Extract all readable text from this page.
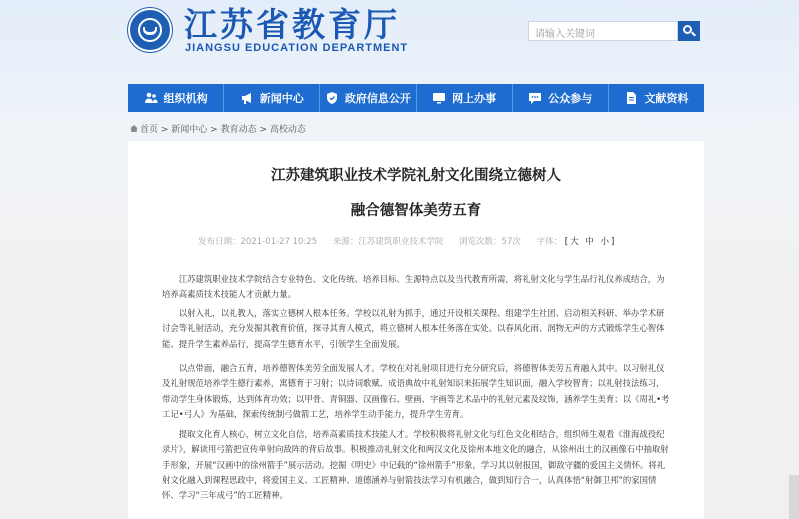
江苏省教育厅
JIANGSU EDUCATION DEPARTMENT
请输入关键词
组织机构	新闻中心	政府信息公开	网上办事	公众参与	文献资料
首页 > 新闻中心 > 教育动态 > 高校动态
江苏建筑职业技术学院礼射文化围绕立德树人
融合德智体美劳五育
发布日期：2021-01-27 10:25 来源：江苏建筑职业技术学院 浏览次数：57次 字体： [大 中 小]

江苏建筑职业技术学院结合专业特色、文化传统、培养目标、生源特点以及当代教育所需，将礼射文化与学生品行礼仪养成结合，为培养高素质技术技能人才贡献力量。

以射入礼，以礼教人，落实立德树人根本任务。学校以礼射为抓手，通过开设相关课程、组建学生社团、启动相关科研、举办学术研讨会等礼射活动，充分发掘其教育价值，探寻其育人模式，将立德树人根本任务落在实处。以春风化雨、润物无声的方式锻炼学生心智体能、提升学生素养品行，提高学生德育水平，引领学生全面发展。

以点带面，融合五育，培养德智体美劳全面发展人才。学校在对礼射项目进行充分研究后，将德智体美劳五育融入其中。以习射礼仪及礼射规范培养学生德行素养，寓德育于习射；以诗词歌赋、成语典故中礼射知识来拓展学生知识面，融入学校智育；以礼射技法练习，带动学生身体锻炼，达到体育功效；以甲骨、青铜器、汉画像石、壁画、字画等艺术品中的礼射元素及纹饰，涵养学生美育；以《周礼•考工记•弓人》为基础，探索传统制弓做箭工艺，培养学生动手能力，提升学生劳育。

提取文化育人核心，树立文化自信，培养高素质技术技能人才。学校积极将礼射文化与红色文化相结合，组织师生观看《淮海战役纪录片》，解读用弓箭把宣传单射向敌阵的背后故事。积极推动礼射文化和两汉文化及徐州本地文化的融合，从徐州出土的汉画像石中抽取射手形象，开展“汉画中的徐州箭手”展示活动。挖掘《明史》中记载的“徐州箭手”形象，学习其以射报国，御敌守疆的爱国主义情怀。将礼射文化融入到课程思政中，将爱国主义、工匠精神、道德涵养与射箭技法学习有机融合，做到知行合一，认真体悟“射御卫邦”的家国情怀、学习“三年成弓”的工匠精神。
